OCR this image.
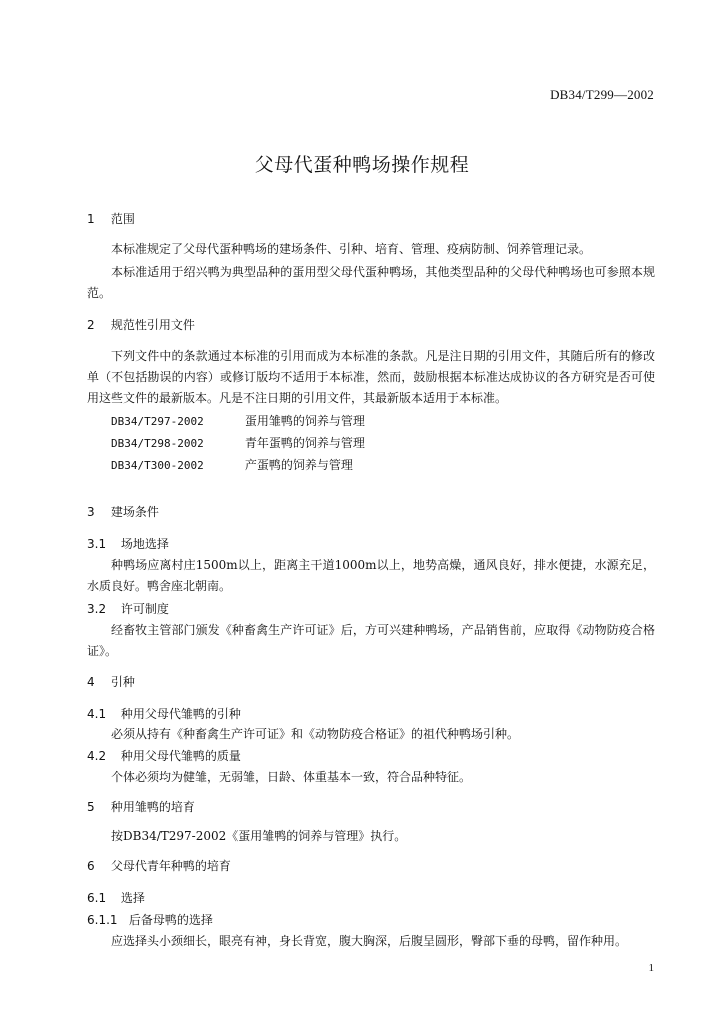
DB34/T299—2002
父母代蛋种鸭场操作规程
1 范围
本标准规定了父母代蛋种鸭场的建场条件、引种、培育、管理、疫病防制、饲养管理记录。
本标准适用于绍兴鸭为典型品种的蛋用型父母代蛋种鸭场，其他类型品种的父母代种鸭场也可参照本规范。
2 规范性引用文件
下列文件中的条款通过本标准的引用而成为本标准的条款。凡是注日期的引用文件，其随后所有的修改单（不包括勘误的内容）或修订版均不适用于本标准，然而，鼓励根据本标准达成协议的各方研究是否可使用这些文件的最新版本。凡是不注日期的引用文件，其最新版本适用于本标准。
DB34/T297-2002	蛋用雏鸭的饲养与管理
DB34/T298-2002	青年蛋鸭的饲养与管理
DB34/T300-2002	产蛋鸭的饲养与管理
3 建场条件
3.1 场地选择
种鸭场应离村庄1500m以上，距离主干道1000m以上，地势高燥，通风良好，排水便捷，水源充足，水质良好。鸭舍座北朝南。
3.2 许可制度
经畜牧主管部门颁发《种畜禽生产许可证》后，方可兴建种鸭场，产品销售前，应取得《动物防疫合格证》。
4 引种
4.1 种用父母代雏鸭的引种
必须从持有《种畜禽生产许可证》和《动物防疫合格证》的祖代种鸭场引种。
4.2 种用父母代雏鸭的质量
个体必须均为健雏，无弱雏，日龄、体重基本一致，符合品种特征。
5 种用雏鸭的培育
按DB34/T297-2002《蛋用雏鸭的饲养与管理》执行。
6 父母代青年种鸭的培育
6.1 选择
6.1.1 后备母鸭的选择
应选择头小颈细长，眼亮有神，身长背宽，腹大胸深，后腹呈圆形，臀部下垂的母鸭，留作种用。
1
